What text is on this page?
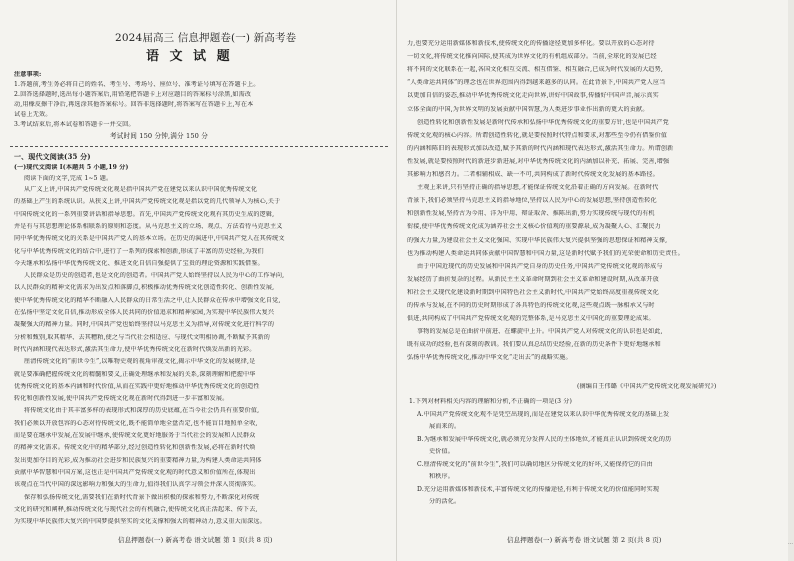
2024届高三 信息押题卷(一) 新高考卷
语 文 试 题
注意事项:
1.答题前,考生务必将自己的姓名、考生号、考场号、座位号、准考证号填写在答题卡上。
2.回答选择题时,选出每小题答案后,用铅笔把答题卡上对应题目的答案标号涂黑,如需改
动,用橡皮擦干净后,再选涂其他答案标号。回答非选择题时,将答案写在答题卡上,写在本
试卷上无效。
3.考试结束后,将本试卷和答题卡一并交回。
考试时间 150 分钟,满分 150 分
一、现代文阅读(35 分)
(一)现代文阅读 Ⅰ(本题共 5 小题,19 分)
阅读下面的文字,完成 1~5 题。
从广义上讲,中国共产党传统文化观是指中国共产党在建党以来认识中国优秀传统文化
的基础上产生的系统认识。从狭义上讲,中国共产党传统文化观是指以党的几代领导人为核心,关于
中国传统文化的一系列重要讲话和指导思想。首先,中国共产党传统文化观有其历史生成的逻辑,
并是有与其思想理论体系相联系的原则和态度。从马克思主义的立场、观点、方法看待马克思主义
同中华优秀传统文化的关系是中国共产党人的基本立场。在历史的演进中,中国共产党人在其传统文
化与中华优秀传统文化的结合中,进行了一系列的探索和创新,形成了丰富的历史经验,为我们
今天继承和弘扬中华优秀传统文化、推进文化自信自强提供了宝贵的理论资源和实践借鉴。
人民群众是历史的创造者,也是文化的创造者。中国共产党人始终坚持以人民为中心的工作导向,
以人民群众的精神文化需求为出发点和落脚点,积极推动优秀传统文化创造性转化、创新性发展,
使中华优秀传统文化的精华不断融入人民群众的日常生活之中,让人民群众在传承中增强文化自觉,
在弘扬中坚定文化自信,推动形成全体人民共同的价值追求和精神家园,为实现中华民族伟大复兴
凝聚强大的精神力量。同时,中国共产党也始终坚持以马克思主义为指导,对传统文化进行科学的
分析和甄别,取其精华、去其糟粕,使之与当代社会相适应、与现代文明相协调,不断赋予其新的
时代内涵和现代表达形式,激活其生命力,使中华优秀传统文化在新时代焕发出新的光彩。
厘清传统文化的“前世今生”,以唯物史观的视角审视文化,揭示中华文化的发展规律,是
就是要准确把握传统文化的精髓和要义,正确处理继承和发展的关系,深刻理解和把握中华
优秀传统文化的基本内涵和时代价值,从而在实践中更好地推动中华优秀传统文化的创造性
转化和创新性发展,使中国共产党传统文化观在新时代得到进一步丰富和发展。
将传统文化由于其丰富多样的表现形式和深厚的历史底蕴,在当今社会仍具有重要价值,
我们必须以开放包容的心态对待传统文化,既不能简单地全盘否定,也不能盲目地照单全收,
而是要在继承中发展,在发展中继承,使传统文化更好地服务于当代社会的发展和人民群众
的精神文化需求。传统文化中的精华部分,经过创造性转化和创新性发展,必将在新时代焕
发出更加夺目的光彩,成为推动社会进步和民族复兴的重要精神力量,为构建人类命运共同体
贡献中华智慧和中国方案,这也正是中国共产党传统文化观的时代意义和价值所在,体现出
该观点在当代中国的深远影响力和强大的生命力,值得我们认真学习领会并深入贯彻落实。
保存和弘扬传统文化,需要我们在新时代背景下做出积极的探索和努力,不断深化对传统
文化的研究和阐释,推动传统文化与现代社会的有机融合,使传统文化真正活起来、传下去,
为实现中华民族伟大复兴的中国梦提供坚实的文化支撑和强大的精神动力,意义重大而深远。
信息押题卷(一) 新高考卷 语文试题 第 1 页(共 8 页)
力,也要充分运用新媒体和新技术,使传统文化的传播途径更加多样化。要以开放的心态对待
一切文化,将传统文化推向国际,使其成为世界文化的有机组成部分。当前,全球化的发展已经
将不同的文化联系在一起,各国文化相互交流、相互借鉴、相互融合,已成为时代发展的大趋势,
“人类命运共同体”的理念也在世界范围内得到越来越多的认同。在此背景下,中国共产党人应当
以更加自信的姿态,推动中华优秀传统文化走向世界,讲好中国故事,传播好中国声音,展示真实
立体全面的中国,为世界文明的发展贡献中国智慧,为人类进步事业作出新的更大的贡献。
创造性转化和创新性发展是新时代传承和弘扬中华优秀传统文化的重要方针,也是中国共产党
传统文化观的核心内容。所谓创造性转化,就是要按照时代特点和要求,对那些至今仍有借鉴价值
的内涵和陈旧的表现形式加以改造,赋予其新的时代内涵和现代表达形式,激活其生命力。所谓创新
性发展,就是要按照时代的新进步新进展,对中华优秀传统文化的内涵加以补充、拓展、完善,增强
其影响力和感召力。二者相辅相成、缺一不可,共同构成了新时代传统文化发展的基本路径。
主观上来讲,只有坚持正确的指导思想,才能保证传统文化沿着正确的方向发展。在新时代
背景下,我们必须坚持马克思主义的指导地位,坚持以人民为中心的发展思想,坚持创造性转化
和创新性发展,坚持古为今用、洋为中用、辩证取舍、推陈出新,努力实现传统与现代的有机
衔接,使中华优秀传统文化成为涵养社会主义核心价值观的重要源泉,成为凝聚人心、汇聚民力
的强大力量,为建设社会主义文化强国、实现中华民族伟大复兴提供坚强的思想保证和精神支撑,
也为推动构建人类命运共同体贡献中国智慧和中国力量,这是新时代赋予我们的光荣使命和历史责任。
由于中国近现代的历史发展和中国共产党自身的历史任务,中国共产党传统文化观的形成与
发展经历了曲折复杂的过程。从新民主主义革命时期到社会主义革命和建设时期,从改革开放
和社会主义现代化建设新时期到中国特色社会主义新时代,中国共产党始终高度重视传统文化
的传承与发展,在不同的历史时期形成了各具特色的传统文化观,这些观点既一脉相承又与时
俱进,共同构成了中国共产党传统文化观的完整体系,是马克思主义中国化的重要理论成果。
事物的发展总是在曲折中前进、在螺旋中上升。中国共产党人对传统文化的认识也是如此,
既有成功的经验,也有深刻的教训。我们要认真总结历史经验,在新的历史条件下更好地继承和
弘扬中华优秀传统文化,推动中华文化“走出去”的战略实施。
(摘编自王伟璐《中国共产党传统文化观发展研究》)
1.下列对材料相关内容的理解和分析,不正确的一项是(3 分)
A.中国共产党传统文化观不是凭空出现的,而是在建党以来认识中华优秀传统文化的基础上发
展而来的。
B.为继承和发展中华传统文化,就必须充分发挥人民的主体地位,才能真正认识到传统文化的历
史价值。
C.厘清传统文化的“前世今生”,我们可以确切地区分传统文化的好坏,又能保持它的自由
和秩序。
D.充分运用新媒体和新技术,丰富传统文化的传播途径,有利于传统文化的价值能同时实现
分的活化。
信息押题卷(一) 新高考卷 语文试题 第 2 页(共 8 页)	…
